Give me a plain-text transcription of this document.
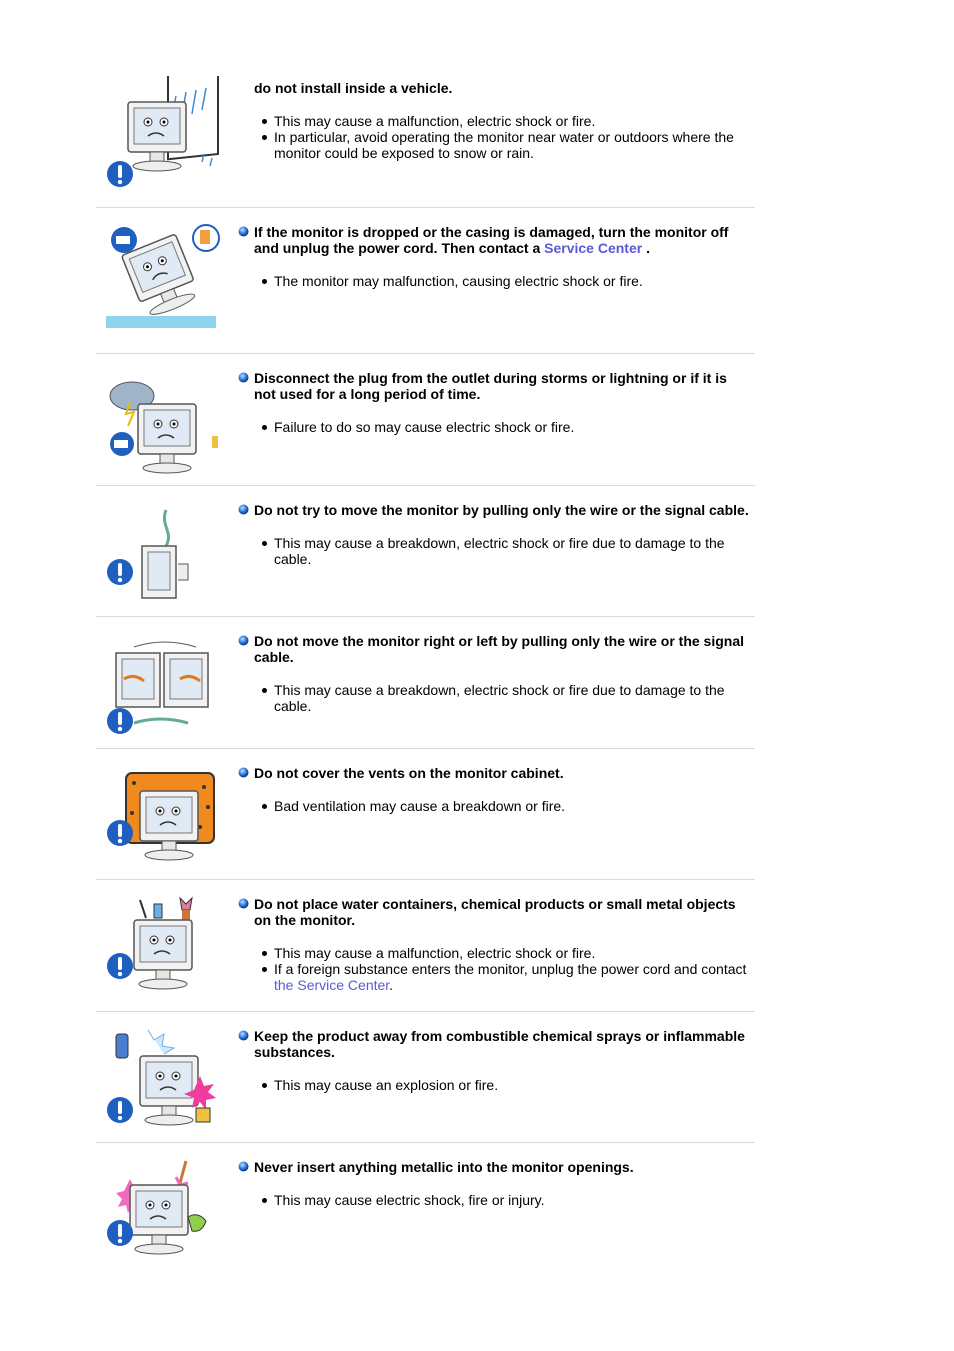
do not install inside a vehicle.
This may cause a malfunction, electric shock or fire.
In particular, avoid operating the monitor near water or outdoors where the monitor could be exposed to snow or rain.
If the monitor is dropped or the casing is damaged, turn the monitor off and unplug the power cord. Then contact a Service Center .
The monitor may malfunction, causing electric shock or fire.
Disconnect the plug from the outlet during storms or lightning or if it is not used for a long period of time.
Failure to do so may cause electric shock or fire.
Do not try to move the monitor by pulling only the wire or the signal cable.
This may cause a breakdown, electric shock or fire due to damage to the cable.
Do not move the monitor right or left by pulling only the wire or the signal cable.
This may cause a breakdown, electric shock or fire due to damage to the cable.
Do not cover the vents on the monitor cabinet.
Bad ventilation may cause a breakdown or fire.
Do not place water containers, chemical products or small metal objects on the monitor.
This may cause a malfunction, electric shock or fire.
If a foreign substance enters the monitor, unplug the power cord and contact the Service Center.
Keep the product away from combustible chemical sprays or inflammable substances.
This may cause an explosion or fire.
Never insert anything metallic into the monitor openings.
This may cause electric shock, fire or injury.
